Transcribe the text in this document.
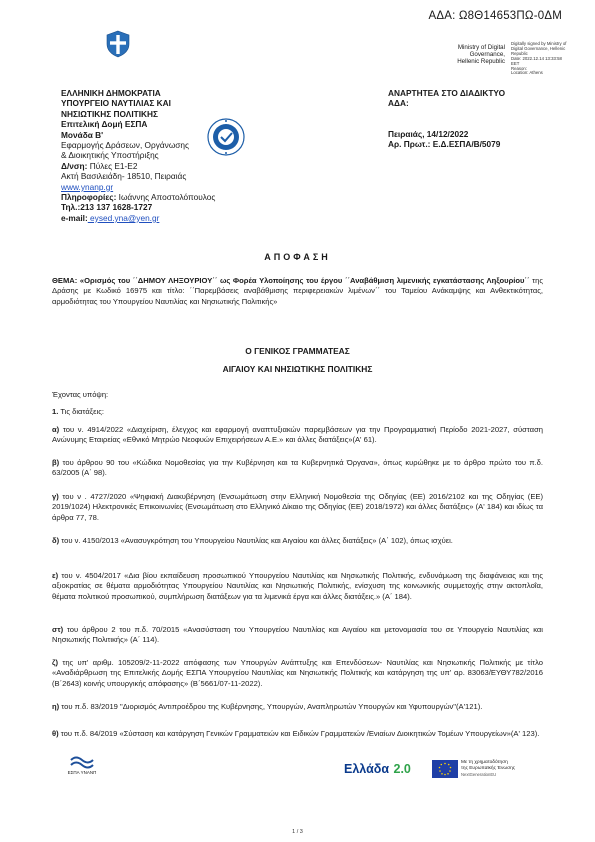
ΑΔΑ: Ω8Θ14653ΠΩ-0ΔΜ
Ministry of Digital
Governance,
Hellenic Republic
Digitally signed by Ministry of
Digital Governance, Hellenic
Republic
Date: 2022.12.14 13:33:58
EET
Reason:
Location: Athens
ΕΛΛΗΝΙΚΗ ΔΗΜΟΚΡΑΤΙΑ
ΥΠΟΥΡΓΕΙΟ ΝΑΥΤΙΛΙΑΣ ΚΑΙ
ΝΗΣΙΩΤΙΚΗΣ ΠΟΛΙΤΙΚΗΣ
Επιτελική Δομή ΕΣΠΑ
Μονάδα Β'
Εφαρμογής Δράσεων, Οργάνωσης
& Διοικητικής Υποστήριξης
Δ/νση: Πύλες Ε1-Ε2
Ακτή Βασιλειάδη- 18510, Πειραιάς
www.ynanp.gr
Πληροφορίες: Ιωάννης Αποστολόπουλος
Τηλ.:213 137 1628-1727
e-mail: eysed.yna@yen.gr
ΑΝΑΡΤΗΤΕΑ ΣΤΟ ΔΙΑΔΙΚΤΥΟ
ΑΔΑ:
Πειραιάς, 14/12/2022
Αρ. Πρωτ.: Ε.Δ.ΕΣΠΑ/Β/5079
ΑΠΟΦΑΣΗ
ΘΕΜΑ: «Ορισμός του ΄΄ΔΗΜΟΥ ΛΗΞΟΥΡΙΟΥ΄΄ ως Φορέα Υλοποίησης του έργου ΄΄Αναβάθμιση λιμενικής εγκατάστασης Ληξουρίου΄΄ της Δράσης με Κωδικό 16975 και τίτλο: ΄΄Παρεμβάσεις αναβάθμισης περιφερειακών λιμένων΄΄ του Ταμείου Ανάκαμψης και Ανθεκτικότητας, αρμοδιότητας του Υπουργείου Ναυτιλίας και Νησιωτικής Πολιτικής»
Ο ΓΕΝΙΚΟΣ ΓΡΑΜΜΑΤΕΑΣ
ΑΙΓΑΙΟΥ ΚΑΙ ΝΗΣΙΩΤΙΚΗΣ ΠΟΛΙΤΙΚΗΣ
Έχοντας υπόψη:
1. Τις διατάξεις:
α) του ν. 4914/2022 «Διαχείριση, έλεγχος και εφαρμογή αναπτυξιακών παρεμβάσεων για την Προγραμματική Περίοδο 2021-2027, σύσταση Ανώνυμης Εταιρείας «Εθνικό Μητρώο Νεοφυών Επιχειρήσεων Α.Ε.» και άλλες διατάξεις»(Α' 61).
β) του άρθρου 90 του «Κώδικα Νομοθεσίας για την Κυβέρνηση και τα Κυβερνητικά Όργανα», όπως κυρώθηκε με το άρθρο πρώτο του π.δ. 63/2005 (Α΄ 98).
γ) του ν . 4727/2020 «Ψηφιακή Διακυβέρνηση (Ενσωμάτωση στην Ελληνική Νομοθεσία της Οδηγίας (ΕΕ) 2016/2102 και της Οδηγίας (ΕΕ) 2019/1024) Ηλεκτρονικές Επικοινωνίες (Ενσωμάτωση στο Ελληνικό Δίκαιο της Οδηγίας (ΕΕ) 2018/1972) και άλλες διατάξεις» (Α' 184) και ιδίως τα άρθρα 77, 78.
δ) του ν. 4150/2013 «Ανασυγκρότηση του Υπουργείου Ναυτιλίας και Αιγαίου και άλλες διατάξεις» (Α΄ 102), όπως ισχύει.
ε) του ν. 4504/2017 «Δια βίου εκπαίδευση προσωπικού Υπουργείου Ναυτιλίας και Νησιωτικής Πολιτικής, ενδυνάμωση της διαφάνειας και της αξιοκρατίας σε θέματα αρμοδιότητας Υπουργείου Ναυτιλίας και Νησιωτικής Πολιτικής, ενίσχυση της κοινωνικής συμμετοχής στην ακτοπλοΐα, θέματα πολιτικού προσωπικού, συμπλήρωση διατάξεων για τα λιμενικά έργα και άλλες διατάξεις.» (Α΄ 184).
στ) του άρθρου 2 του π.δ. 70/2015 «Ανασύσταση του Υπουργείου Ναυτιλίας και Αιγαίου και μετονομασία του σε Υπουργείο Ναυτιλίας και Νησιωτικής Πολιτικής» (Α΄ 114).
ζ) της υπ' αριθμ. 105209/2-11-2022 απόφασης των Υπουργών Ανάπτυξης και Επενδύσεων- Ναυτιλίας και Νησιωτικής Πολιτικής με τίτλο «Αναδιάρθρωση της Επιτελικής Δομής ΕΣΠΑ Υπουργείου Ναυτιλίας και Νησιωτικής Πολιτικής και κατάργηση της υπ' αρ. 83063/ΕΥΘΥ782/2016 (Β΄2643) κοινής υπουργικής απόφασης» (Β΄5661/07-11-2022).
η) του π.δ. 83/2019 "Διορισμός Αντιπροέδρου της Κυβέρνησης, Υπουργών, Αναπληρωτών Υπουργών και Υφυπουργών"(Α'121).
θ) του π.δ. 84/2019 «Σύσταση και κατάργηση Γενικών Γραμματειών και Ειδικών Γραμματειών /Ενιαίων Διοικητικών Τομέων Υπουργείων»(Α' 123).
ΕΣΠΑ ΥΝΑΝΠ	Ελλάδα 2.0	Με τη χρηματοδότηση
της Ευρωπαϊκής Ένωσης
NextGenerationEU
1 / 3
